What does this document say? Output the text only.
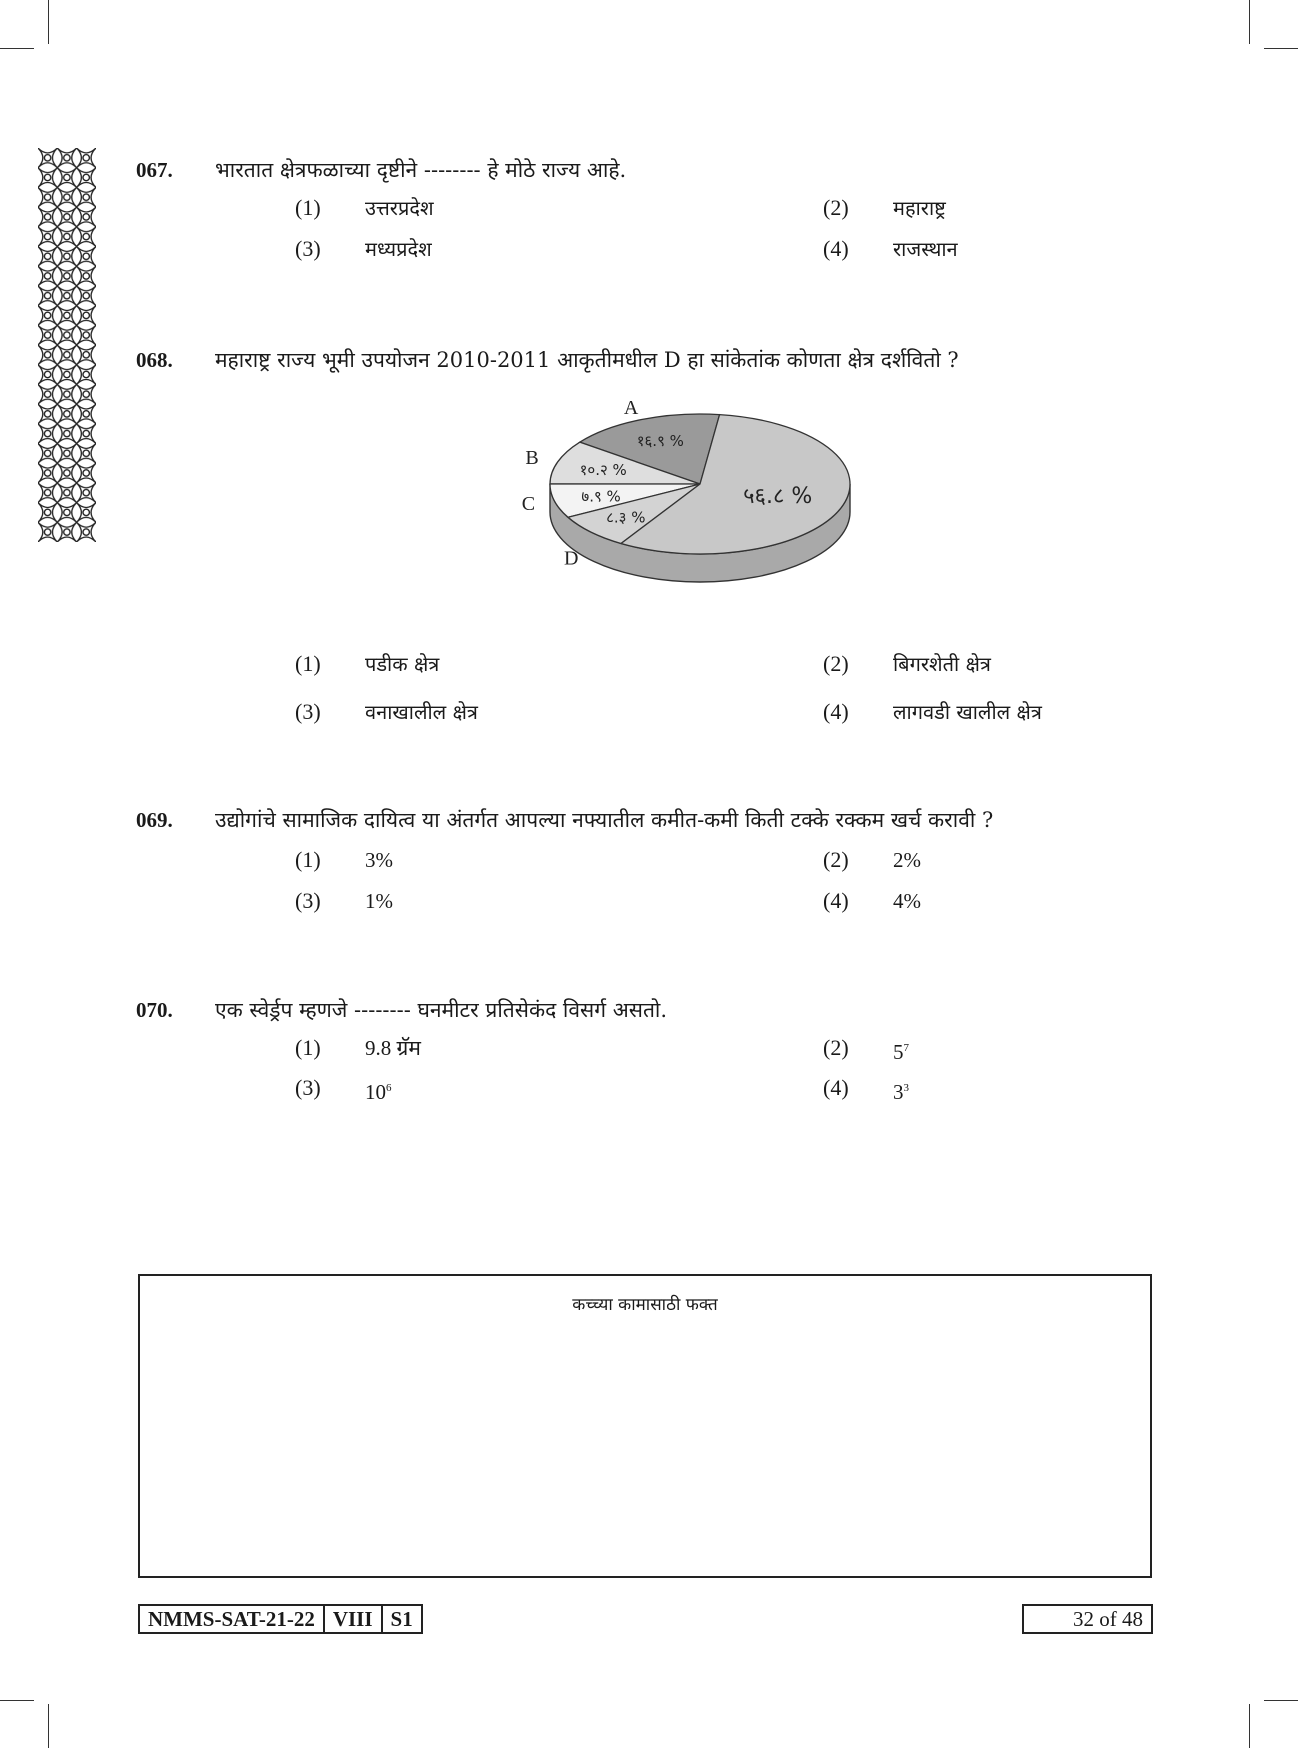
067.	भारतात क्षेत्रफळाच्या दृष्टीने -------- हे मोठे राज्य आहे.
(1)	उत्तरप्रदेश	(2)	महाराष्ट्र
(3)	मध्यप्रदेश	(4)	राजस्थान
068.	महाराष्ट्र राज्य भूमी उपयोजन 2010-2011 आकृतीमधील D हा सांकेतांक कोणता क्षेत्र दर्शवितो ?
१६.९ %
A
१०.२ %
B
७.९ %
C
८.३ %
D
५६.८ %
(1)	पडीक क्षेत्र	(2)	बिगरशेती क्षेत्र
(3)	वनाखालील क्षेत्र	(4)	लागवडी खालील क्षेत्र
069.	उद्योगांचे सामाजिक दायित्व या अंतर्गत आपल्या नफ्यातील कमीत-कमी किती टक्के रक्कम खर्च करावी ?
(1)	3%	(2)	2%
(3)	1%	(4)	4%
070.	एक स्वेर्ड्रप म्हणजे -------- घनमीटर प्रतिसेकंद विसर्ग असतो.
(1)	9.8 ग्रॅम	(2)	$5^7$
(3)	$10^6$	(4)	$3^3$
कच्च्या कामासाठी फक्त
NMMS-SAT-21-22 VIII S1	32 of 48
